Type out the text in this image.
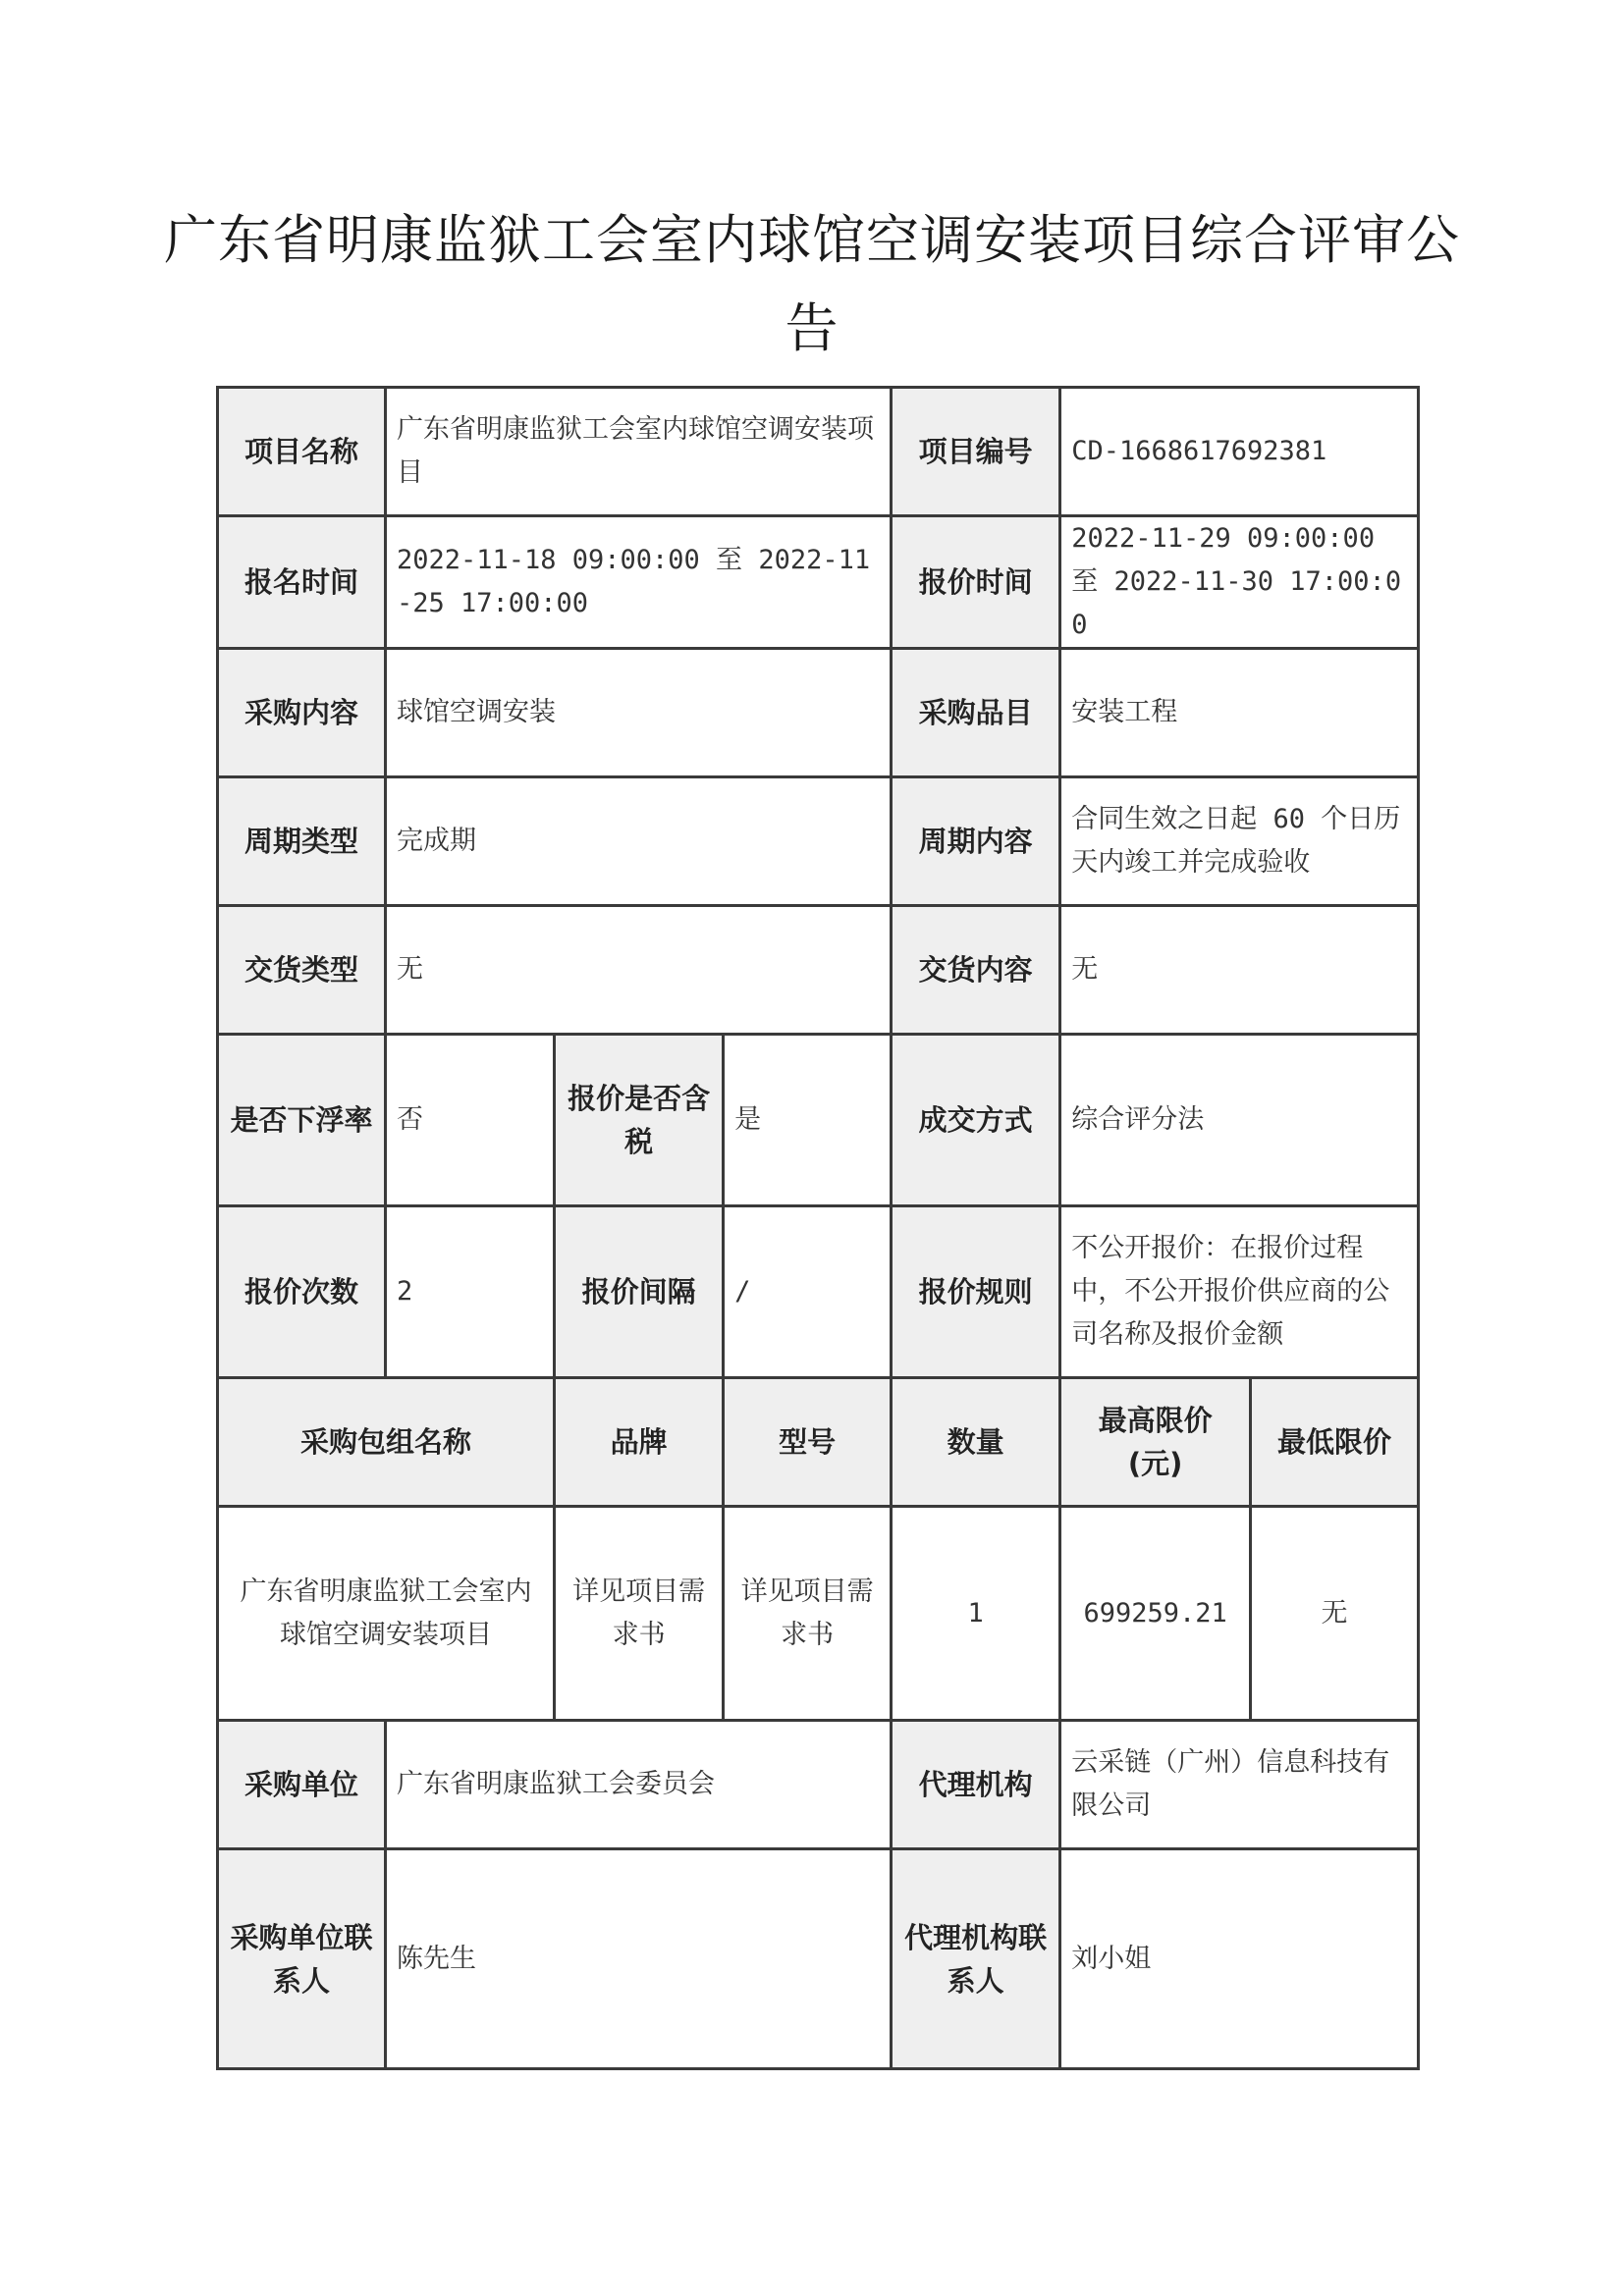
广东省明康监狱工会室内球馆空调安装项目综合评审公告
项目名称	广东省明康监狱工会室内球馆空调安装项目			项目编号	CD-1668617692381	
报名时间	2022-11-18 09:00:00 至 2022-11-25 17:00:00			报价时间	2022-11-29 09:00:00 至 2022-11-30 17:00:00	
采购内容	球馆空调安装			采购品目	安装工程	
周期类型	完成期			周期内容	合同生效之日起 60 个日历天内竣工并完成验收	
交货类型	无			交货内容	无	
是否下浮率	否	报价是否含税	是	成交方式	综合评分法	
报价次数	2	报价间隔	/	报价规则	不公开报价：在报价过程中，不公开报价供应商的公司名称及报价金额	
采购包组名称		品牌	型号	数量	最高限价(元)	最低限价
广东省明康监狱工会室内球馆空调安装项目		详见项目需求书	详见项目需求书	1	699259.21	无
采购单位	广东省明康监狱工会委员会			代理机构	云采链（广州）信息科技有限公司	
采购单位联系人	陈先生			代理机构联系人	刘小姐	
